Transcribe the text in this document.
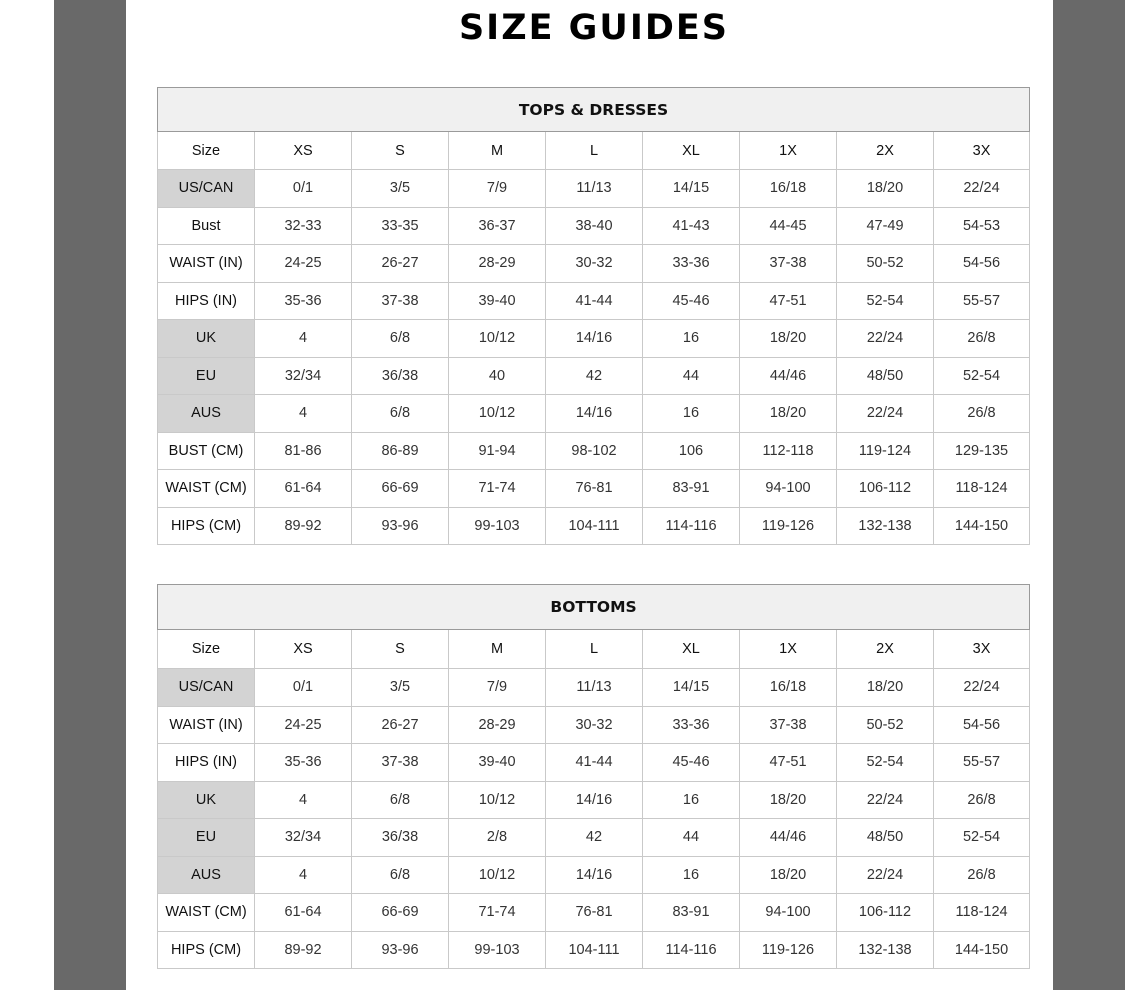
SIZE GUIDES
TOPS & DRESSES								
Size	XS	S	M	L	XL	1X	2X	3X
US/CAN	0/1	3/5	7/9	11/13	14/15	16/18	18/20	22/24
Bust	32-33	33-35	36-37	38-40	41-43	44-45	47-49	54-53
WAIST (IN)	24-25	26-27	28-29	30-32	33-36	37-38	50-52	54-56
HIPS (IN)	35-36	37-38	39-40	41-44	45-46	47-51	52-54	55-57
UK	4	6/8	10/12	14/16	16	18/20	22/24	26/8
EU	32/34	36/38	40	42	44	44/46	48/50	52-54
AUS	4	6/8	10/12	14/16	16	18/20	22/24	26/8
BUST (CM)	81-86	86-89	91-94	98-102	106	112-118	119-124	129-135
WAIST (CM)	61-64	66-69	71-74	76-81	83-91	94-100	106-112	118-124
HIPS (CM)	89-92	93-96	99-103	104-111	114-116	119-126	132-138	144-150
BOTTOMS								
Size	XS	S	M	L	XL	1X	2X	3X
US/CAN	0/1	3/5	7/9	11/13	14/15	16/18	18/20	22/24
WAIST (IN)	24-25	26-27	28-29	30-32	33-36	37-38	50-52	54-56
HIPS (IN)	35-36	37-38	39-40	41-44	45-46	47-51	52-54	55-57
UK	4	6/8	10/12	14/16	16	18/20	22/24	26/8
EU	32/34	36/38	2/8	42	44	44/46	48/50	52-54
AUS	4	6/8	10/12	14/16	16	18/20	22/24	26/8
WAIST (CM)	61-64	66-69	71-74	76-81	83-91	94-100	106-112	118-124
HIPS (CM)	89-92	93-96	99-103	104-111	114-116	119-126	132-138	144-150
